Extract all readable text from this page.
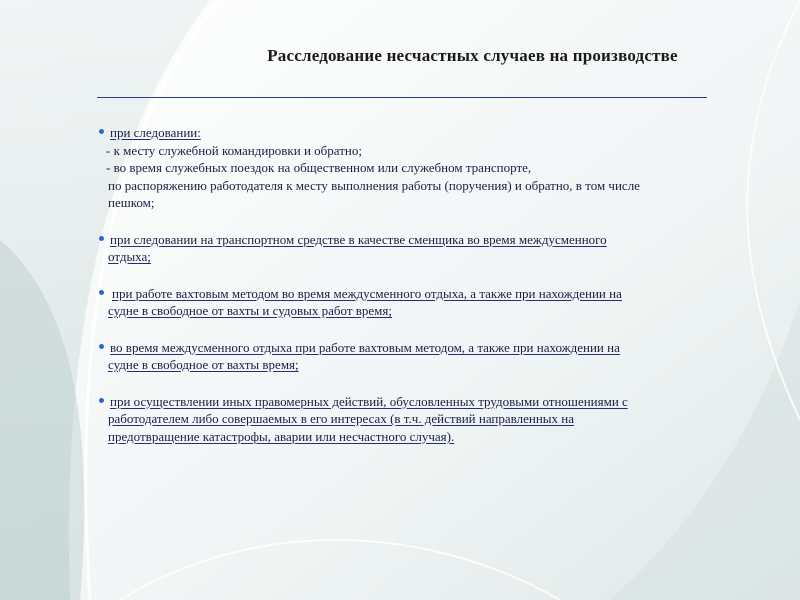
Расследование несчастных случаев на производстве
при следовании:
- к месту служебной командировки и обратно;
- во время служебных поездок на общественном или служебном транспорте,
по распоряжению работодателя к месту выполнения работы (поручения) и обратно, в том числе
пешком;
при следовании на транспортном средстве в качестве сменщика во время междусменного
отдыха;
при работе вахтовым методом во время междусменного отдыха, а также при нахождении на
судне в свободное от вахты и судовых работ время;
во время междусменного отдыха при работе вахтовым методом, а также при нахождении на
судне в свободное от вахты время;
при осуществлении иных правомерных действий, обусловленных трудовыми отношениями с
работодателем либо совершаемых в его интересах (в т.ч. действий направленных на
предотвращение катастрофы, аварии или несчастного случая).
